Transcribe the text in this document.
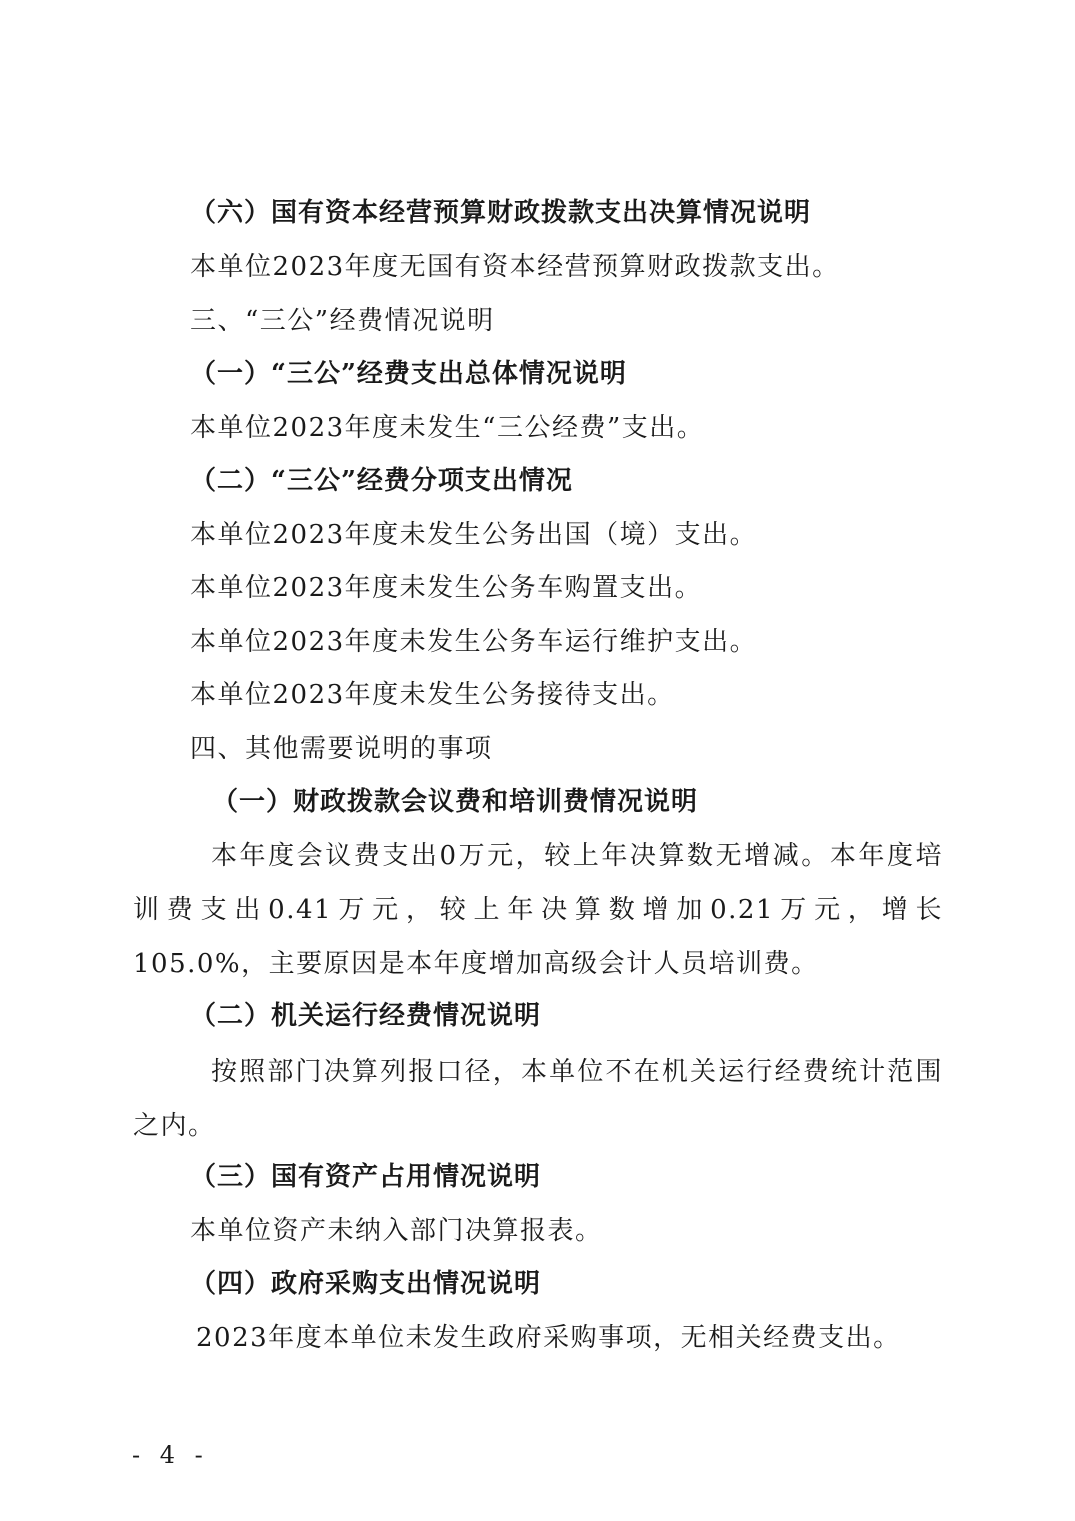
（六）国有资本经营预算财政拨款支出决算情况说明
本单位2023年度无国有资本经营预算财政拨款支出。
三、“三公”经费情况说明
（一）“三公”经费支出总体情况说明
本单位2023年度未发生“三公经费”支出。
（二）“三公”经费分项支出情况
本单位2023年度未发生公务出国（境）支出。
本单位2023年度未发生公务车购置支出。
本单位2023年度未发生公务车运行维护支出。
本单位2023年度未发生公务接待支出。
四、其他需要说明的事项
（一）财政拨款会议费和培训费情况说明
本年度会议费支出0万元，较上年决算数无增减。本年度培训费支出0.41万元，较上年决算数增加0.21万元，增长105.0%，主要原因是本年度增加高级会计人员培训费。
（二）机关运行经费情况说明
按照部门决算列报口径，本单位不在机关运行经费统计范围之内。
（三）国有资产占用情况说明
本单位资产未纳入部门决算报表。
（四）政府采购支出情况说明
2023年度本单位未发生政府采购事项，无相关经费支出。
- 4 -
